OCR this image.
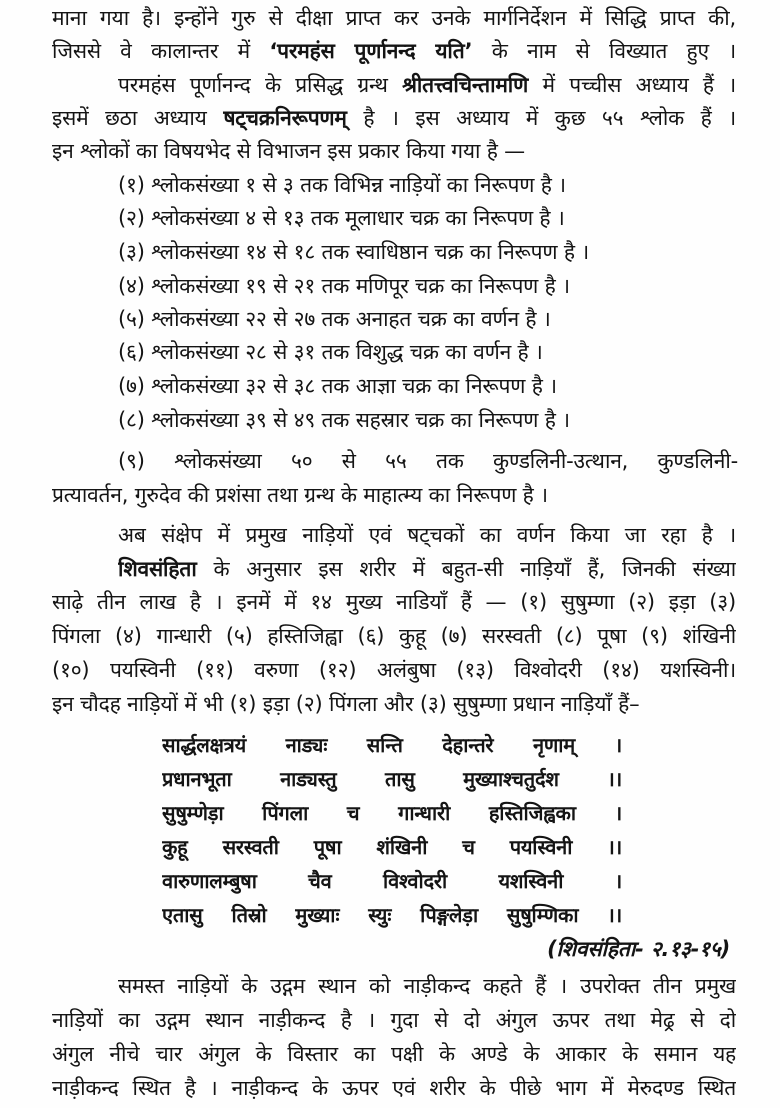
माना गया है। इन्होंने गुरु से दीक्षा प्राप्त कर उनके मार्गनिर्देशन में सिद्धि प्राप्त की,
जिससे वे कालान्तर में ‘परमहंस पूर्णानन्द यति’ के नाम से विख्यात हुए ।
परमहंस पूर्णानन्द के प्रसिद्ध ग्रन्थ श्रीतत्त्वचिन्तामणि में पच्चीस अध्याय हैं ।
इसमें छठा अध्याय षट्चक्रनिरूपणम् है । इस अध्याय में कुछ ५५ श्लोक हैं ।
इन श्लोकों का विषयभेद से विभाजन इस प्रकार किया गया है —
(१) श्लोकसंख्या १ से ३ तक विभिन्न नाड़ियों का निरूपण है ।
(२) श्लोकसंख्या ४ से १३ तक मूलाधार चक्र का निरूपण है ।
(३) श्लोकसंख्या १४ से १८ तक स्वाधिष्ठान चक्र का निरूपण है ।
(४) श्लोकसंख्या १९ से २१ तक मणिपूर चक्र का निरूपण है ।
(५) श्लोकसंख्या २२ से २७ तक अनाहत चक्र का वर्णन है ।
(६) श्लोकसंख्या २८ से ३१ तक विशुद्ध चक्र का वर्णन है ।
(७) श्लोकसंख्या ३२ से ३८ तक आज्ञा चक्र का निरूपण है ।
(८) श्लोकसंख्या ३९ से ४९ तक सहस्रार चक्र का निरूपण है ।
(९) श्लोकसंख्या ५० से ५५ तक कुण्डलिनी-उत्थान, कुण्डलिनी-
प्रत्यावर्तन, गुरुदेव की प्रशंसा तथा ग्रन्थ के माहात्म्य का निरूपण है ।
अब संक्षेप में प्रमुख नाड़ियों एवं षट्चकों का वर्णन किया जा रहा है ।
शिवसंहिता के अनुसार इस शरीर में बहुत-सी नाड़ियाँ हैं, जिनकी संख्या
साढ़े तीन लाख है । इनमें में १४ मुख्य नाडियाँ हैं — (१) सुषुम्णा (२) इड़ा (३)
पिंगला (४) गान्धारी (५) हस्तिजिह्वा (६) कुहू (७) सरस्वती (८) पूषा (९) शंखिनी
(१०) पयस्विनी (११) वरुणा (१२) अलंबुषा (१३) विश्वोदरी (१४) यशस्विनी।
इन चौदह नाड़ियों में भी (१) इड़ा (२) पिंगला और (३) सुषुम्णा प्रधान नाड़ियाँ हैं–
सार्द्धलक्षत्रयं नाड्यः सन्ति देहान्तरे नृणाम् ।
प्रधानभूता नाड्यस्तु तासु मुख्याश्चतुर्दश ।।
सुषुम्णेड़ा पिंगला च गान्धारी हस्तिजिह्वका ।
कुहू सरस्वती पूषा शंखिनी च पयस्विनी ।।
वारुणालम्बुषा चैव विश्वोदरी यशस्विनी ।
एतासु तिस्रो मुख्याः स्युः पिङ्गलेड़ा सुषुम्णिका ।।
(शिवसंहिता- २.१३-१५)
समस्त नाड़ियों के उद्गम स्थान को नाड़ीकन्द कहते हैं । उपरोक्त तीन प्रमुख
नाड़ियों का उद्गम स्थान नाड़ीकन्द है । गुदा से दो अंगुल ऊपर तथा मेढ्र से दो
अंगुल नीचे चार अंगुल के विस्तार का पक्षी के अण्डे के आकार के समान यह
नाड़ीकन्द स्थित है । नाड़ीकन्द के ऊपर एवं शरीर के पीछे भाग में मेरुदण्ड स्थित
